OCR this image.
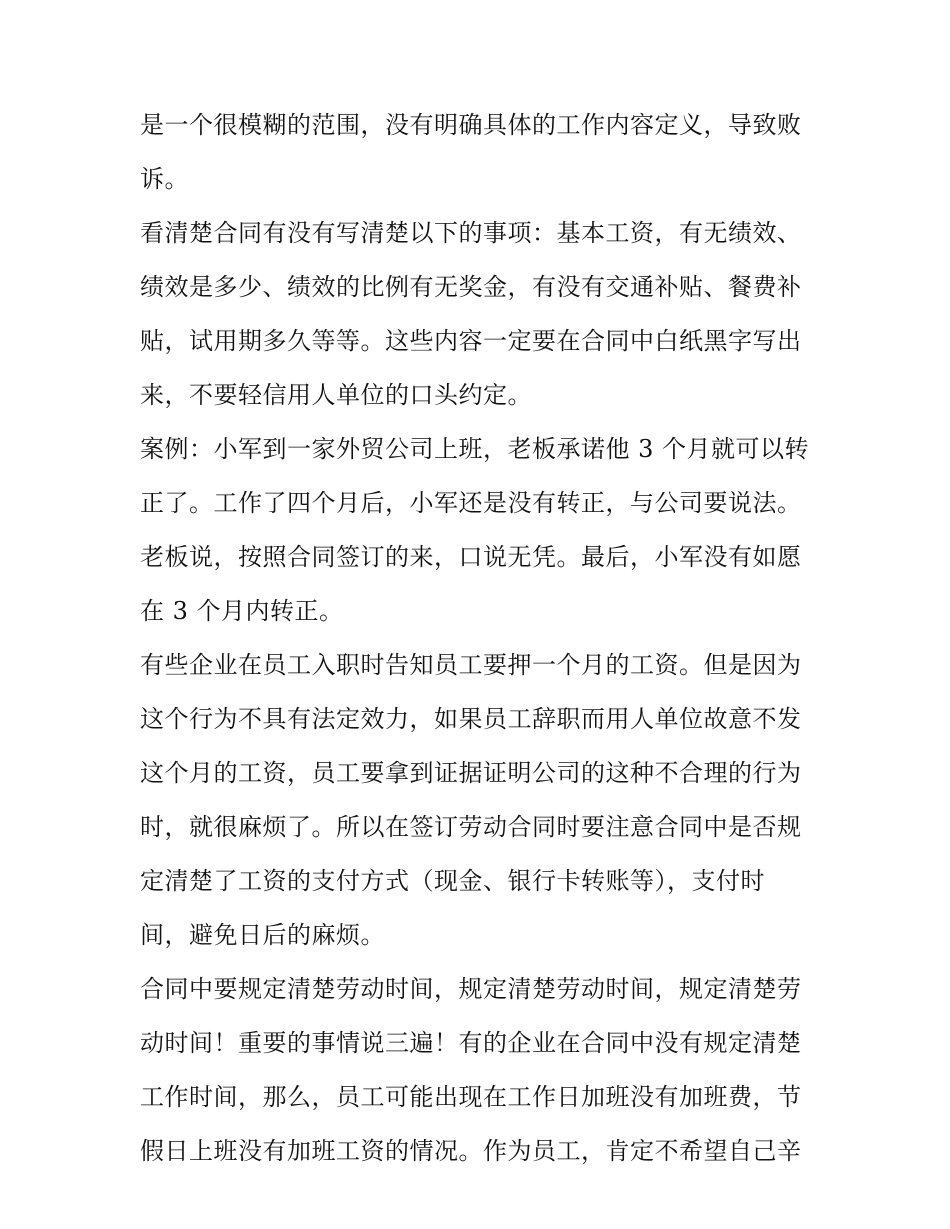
是一个很模糊的范围，没有明确具体的工作内容定义，导致败

诉。

看清楚合同有没有写清楚以下的事项：基本工资，有无绩效、

绩效是多少、绩效的比例有无奖金，有没有交通补贴、餐费补

贴，试用期多久等等。这些内容一定要在合同中白纸黑字写出

来，不要轻信用人单位的口头约定。

案例：小军到一家外贸公司上班，老板承诺他 3 个月就可以转

正了。工作了四个月后，小军还是没有转正，与公司要说法。

老板说，按照合同签订的来，口说无凭。最后，小军没有如愿

在 3 个月内转正。

有些企业在员工入职时告知员工要押一个月的工资。但是因为

这个行为不具有法定效力，如果员工辞职而用人单位故意不发

这个月的工资，员工要拿到证据证明公司的这种不合理的行为

时，就很麻烦了。所以在签订劳动合同时要注意合同中是否规

定清楚了工资的支付方式（现金、银行卡转账等），支付时

间，避免日后的麻烦。

合同中要规定清楚劳动时间，规定清楚劳动时间，规定清楚劳

动时间！重要的事情说三遍！有的企业在合同中没有规定清楚

工作时间，那么，员工可能出现在工作日加班没有加班费，节

假日上班没有加班工资的情况。作为员工，肯定不希望自己辛
